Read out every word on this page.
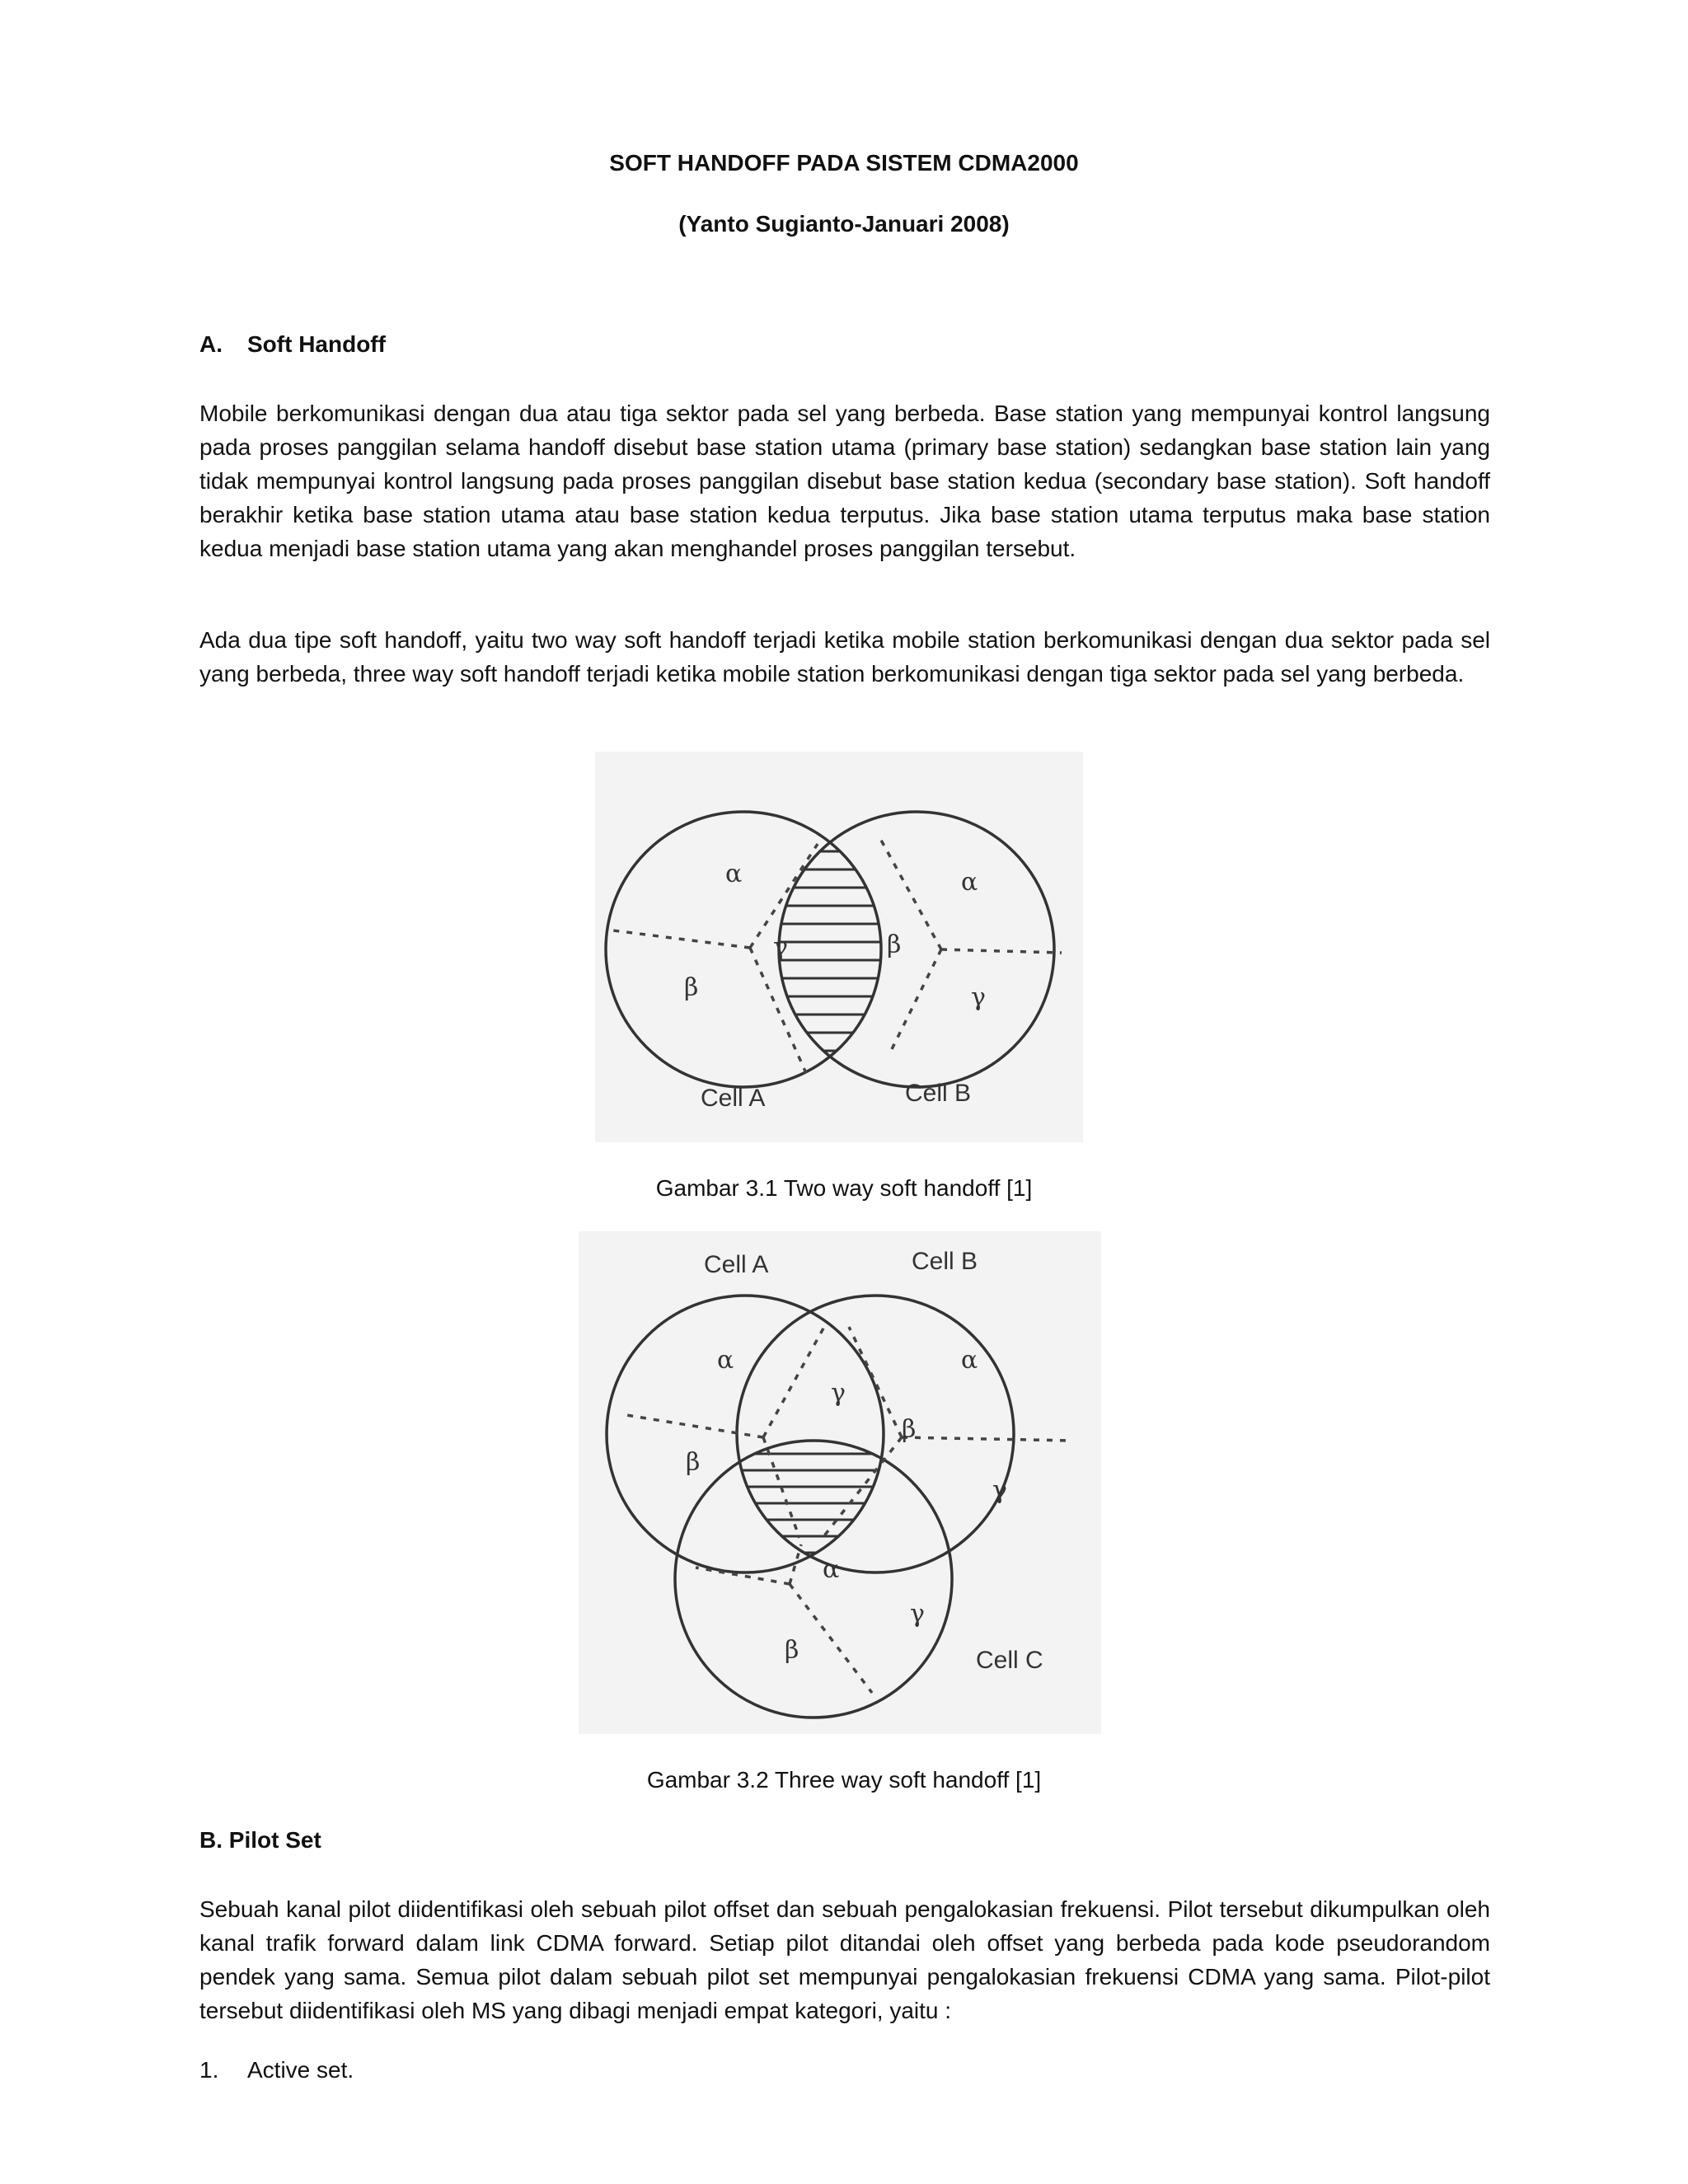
SOFT HANDOFF PADA SISTEM CDMA2000
(Yanto Sugianto-Januari 2008)
A. Soft Handoff

Mobile berkomunikasi dengan dua atau tiga sektor pada sel yang berbeda. Base station yang mempunyai kontrol langsung pada proses panggilan selama handoff disebut base station utama (primary base station) sedangkan base station lain yang tidak mempunyai kontrol langsung pada proses panggilan disebut base station kedua (secondary base station). Soft handoff berakhir ketika base station utama atau base station kedua terputus. Jika base station utama terputus maka base station kedua menjadi base station utama yang akan menghandel proses panggilan tersebut.

Ada dua tipe soft handoff, yaitu two way soft handoff terjadi ketika mobile station berkomunikasi dengan dua sektor pada sel yang berbeda, three way soft handoff terjadi ketika mobile station berkomunikasi dengan tiga sektor pada sel yang berbeda.

α
γ
β
α
β
γ
Cell A	Cell B
Gambar 3.1 Two way soft handoff [1]
α
γ
β
α
β
γ
α
γ
β
Cell A	Cell B
Cell C
Gambar 3.2 Three way soft handoff [1]
B. Pilot Set

Sebuah kanal pilot diidentifikasi oleh sebuah pilot offset dan sebuah pengalokasian frekuensi. Pilot tersebut dikumpulkan oleh kanal trafik forward dalam link CDMA forward. Setiap pilot ditandai oleh offset yang berbeda pada kode pseudorandom pendek yang sama. Semua pilot dalam sebuah pilot set mempunyai pengalokasian frekuensi CDMA yang sama. Pilot-pilot tersebut diidentifikasi oleh MS yang dibagi menjadi empat kategori, yaitu :

1. Active set.
